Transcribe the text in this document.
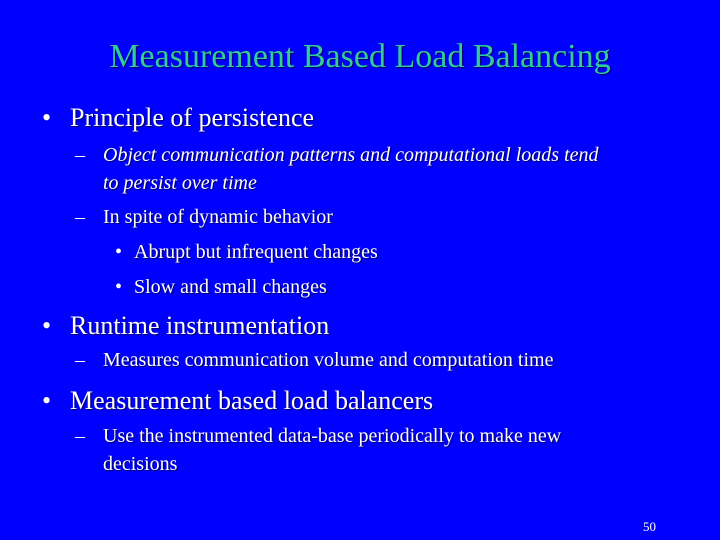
Measurement Based Load Balancing
• Principle of persistence
– Object communication patterns and computational loads tend
to persist over time
– In spite of dynamic behavior
• Abrupt but infrequent changes
• Slow and small changes
• Runtime instrumentation
– Measures communication volume and computation time
• Measurement based load balancers
– Use the instrumented data-base periodically to make new
decisions
50
